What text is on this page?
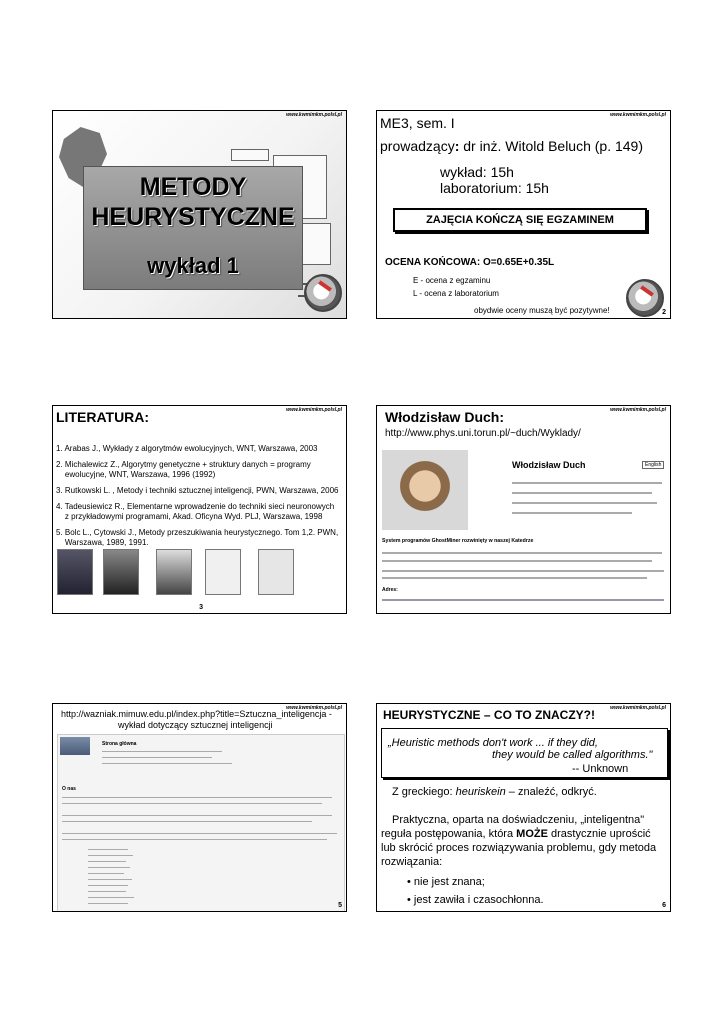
www.kwmimkm.polsl.pl
METODY
HEURYSTYCZNE
wykład 1
www.kwmimkm.polsl.pl
ME3, sem. I
prowadzący: dr inż. Witold Beluch (p. 149)
wykład: 15h
laboratorium: 15h
ZAJĘCIA KOŃCZĄ SIĘ EGZAMINEM
OCENA KOŃCOWA: O=0.65E+0.35L
E - ocena z egzaminu
L - ocena z laboratorium
obydwie oceny muszą być pozytywne!	2
www.kwmimkm.polsl.pl
LITERATURA:
1. Arabas J., Wykłady z algorytmów ewolucyjnych, WNT, Warszawa, 2003
2. Michalewicz Z., Algorytmy genetyczne + struktury danych = programy
ewolucyjne, WNT, Warszawa, 1996 (1992)
3. Rutkowski L. , Metody i techniki sztucznej inteligencji, PWN, Warszawa, 2006
4. Tadeusiewicz R., Elementarne wprowadzenie do techniki sieci neuronowych
z przykładowymi programami, Akad. Oficyna Wyd. PLJ, Warszawa, 1998
5. Bolc L., Cytowski J., Metody przeszukiwania heurystycznego. Tom 1,2. PWN,
Warszawa, 1989, 1991.
3
www.kwmimkm.polsl.pl
Włodzisław Duch:
http://www.phys.uni.torun.pl/~duch/Wyklady/
Włodzisław Duch	English
System programów GhostMiner rozwinięty w naszej Katedrze
Adres:
www.kwmimkm.polsl.pl
http://wazniak.mimuw.edu.pl/index.php?title=Sztuczna_inteligencja -
wykład dotyczący sztucznej inteligencji
Strona główna
O nas
5
www.kwmimkm.polsl.pl
HEURYSTYCZNE – CO TO ZNACZY?!
„Heuristic methods don't work ... if they did,
they would be called algorithms."
-- Unknown
Z greckiego: heuriskein – znaleźć, odkryć.
Praktyczna, oparta na doświadczeniu, „inteligentna"
reguła postępowania, która MOŻE drastycznie uprościć
lub skrócić proces rozwiązywania problemu, gdy metoda
rozwiązania:
• nie jest znana;
• jest zawiła i czasochłonna.	6
